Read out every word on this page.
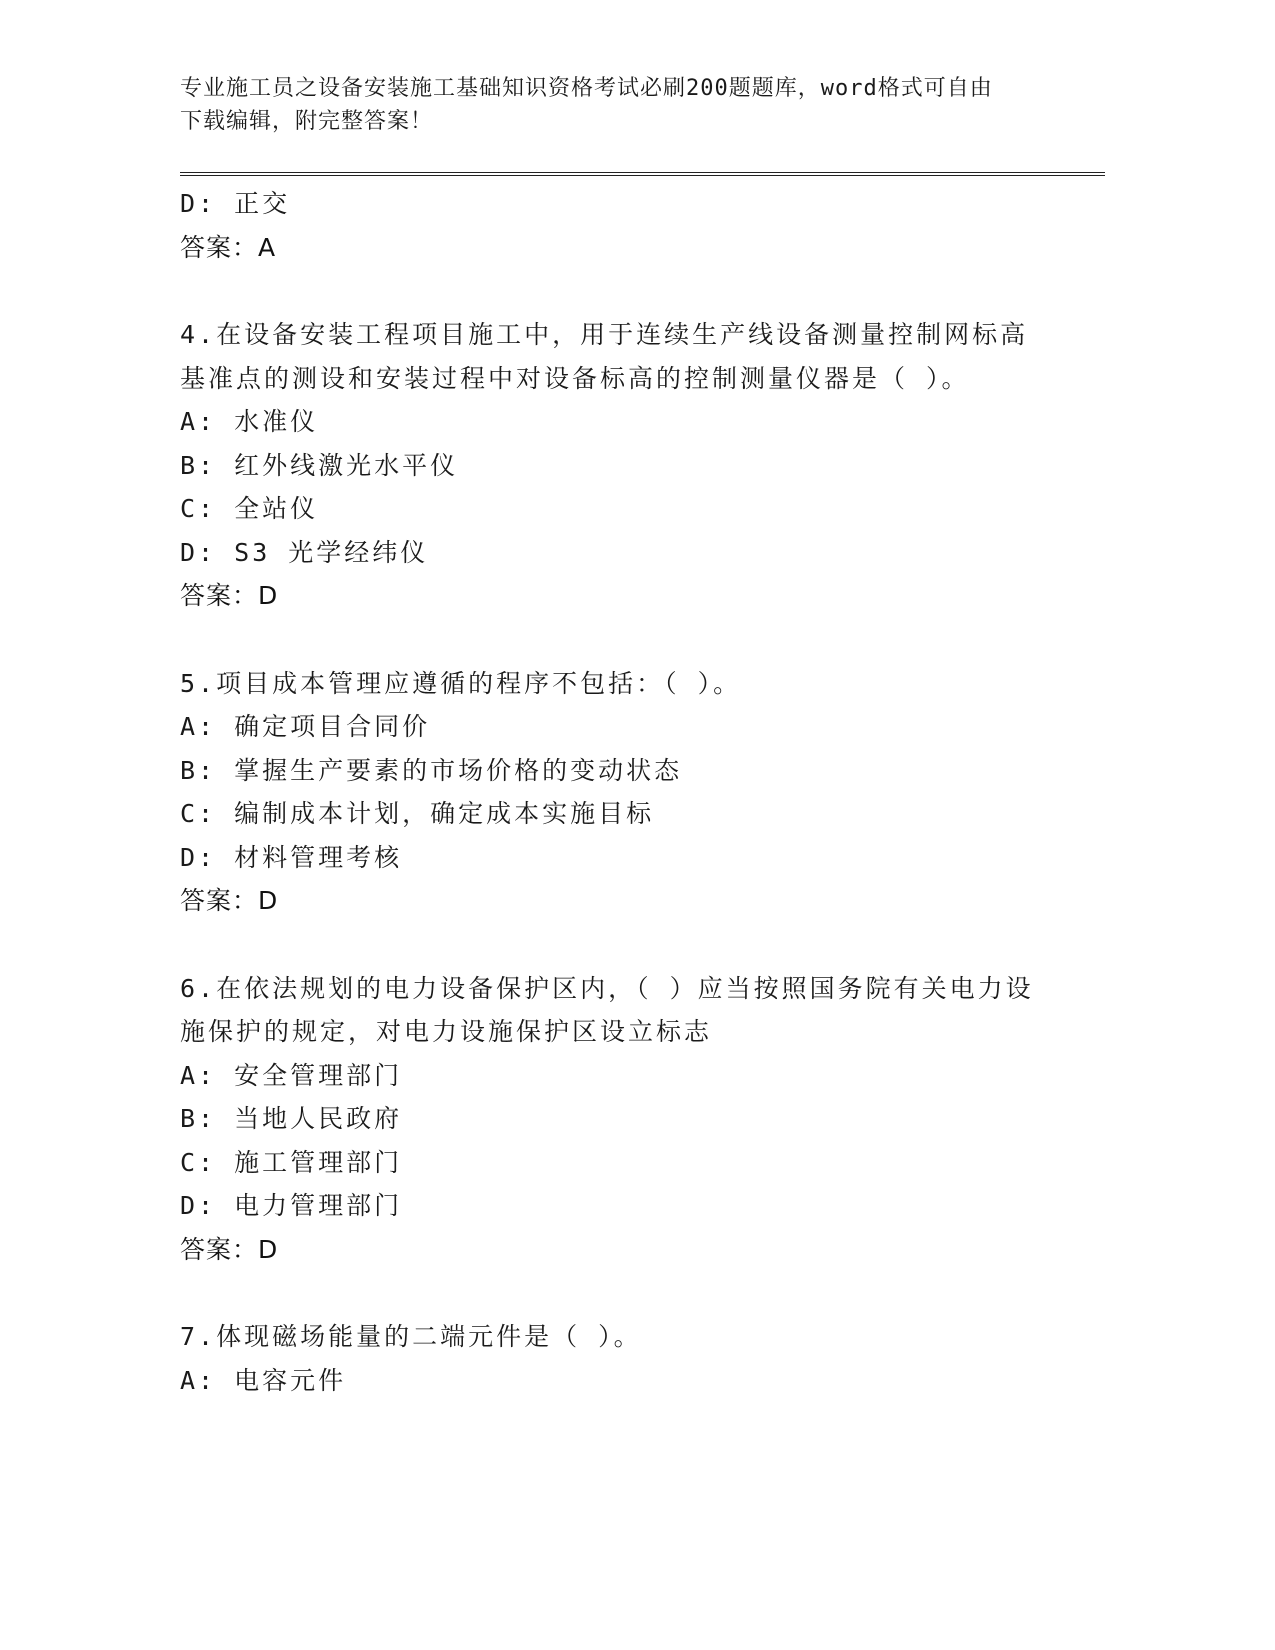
专业施工员之设备安装施工基础知识资格考试必刷200题题库，word格式可自由
下载编辑，附完整答案！
D: 正交
答案：A
4.在设备安装工程项目施工中，用于连续生产线设备测量控制网标高
基准点的测设和安装过程中对设备标高的控制测量仪器是（ ）。
A: 水准仪
B: 红外线激光水平仪
C: 全站仪
D: S3 光学经纬仪
答案：D
5.项目成本管理应遵循的程序不包括：（ ）。
A: 确定项目合同价
B: 掌握生产要素的市场价格的变动状态
C: 编制成本计划，确定成本实施目标
D: 材料管理考核
答案：D
6.在依法规划的电力设备保护区内，（ ）应当按照国务院有关电力设
施保护的规定，对电力设施保护区设立标志
A: 安全管理部门
B: 当地人民政府
C: 施工管理部门
D: 电力管理部门
答案：D
7.体现磁场能量的二端元件是（ ）。
A: 电容元件
